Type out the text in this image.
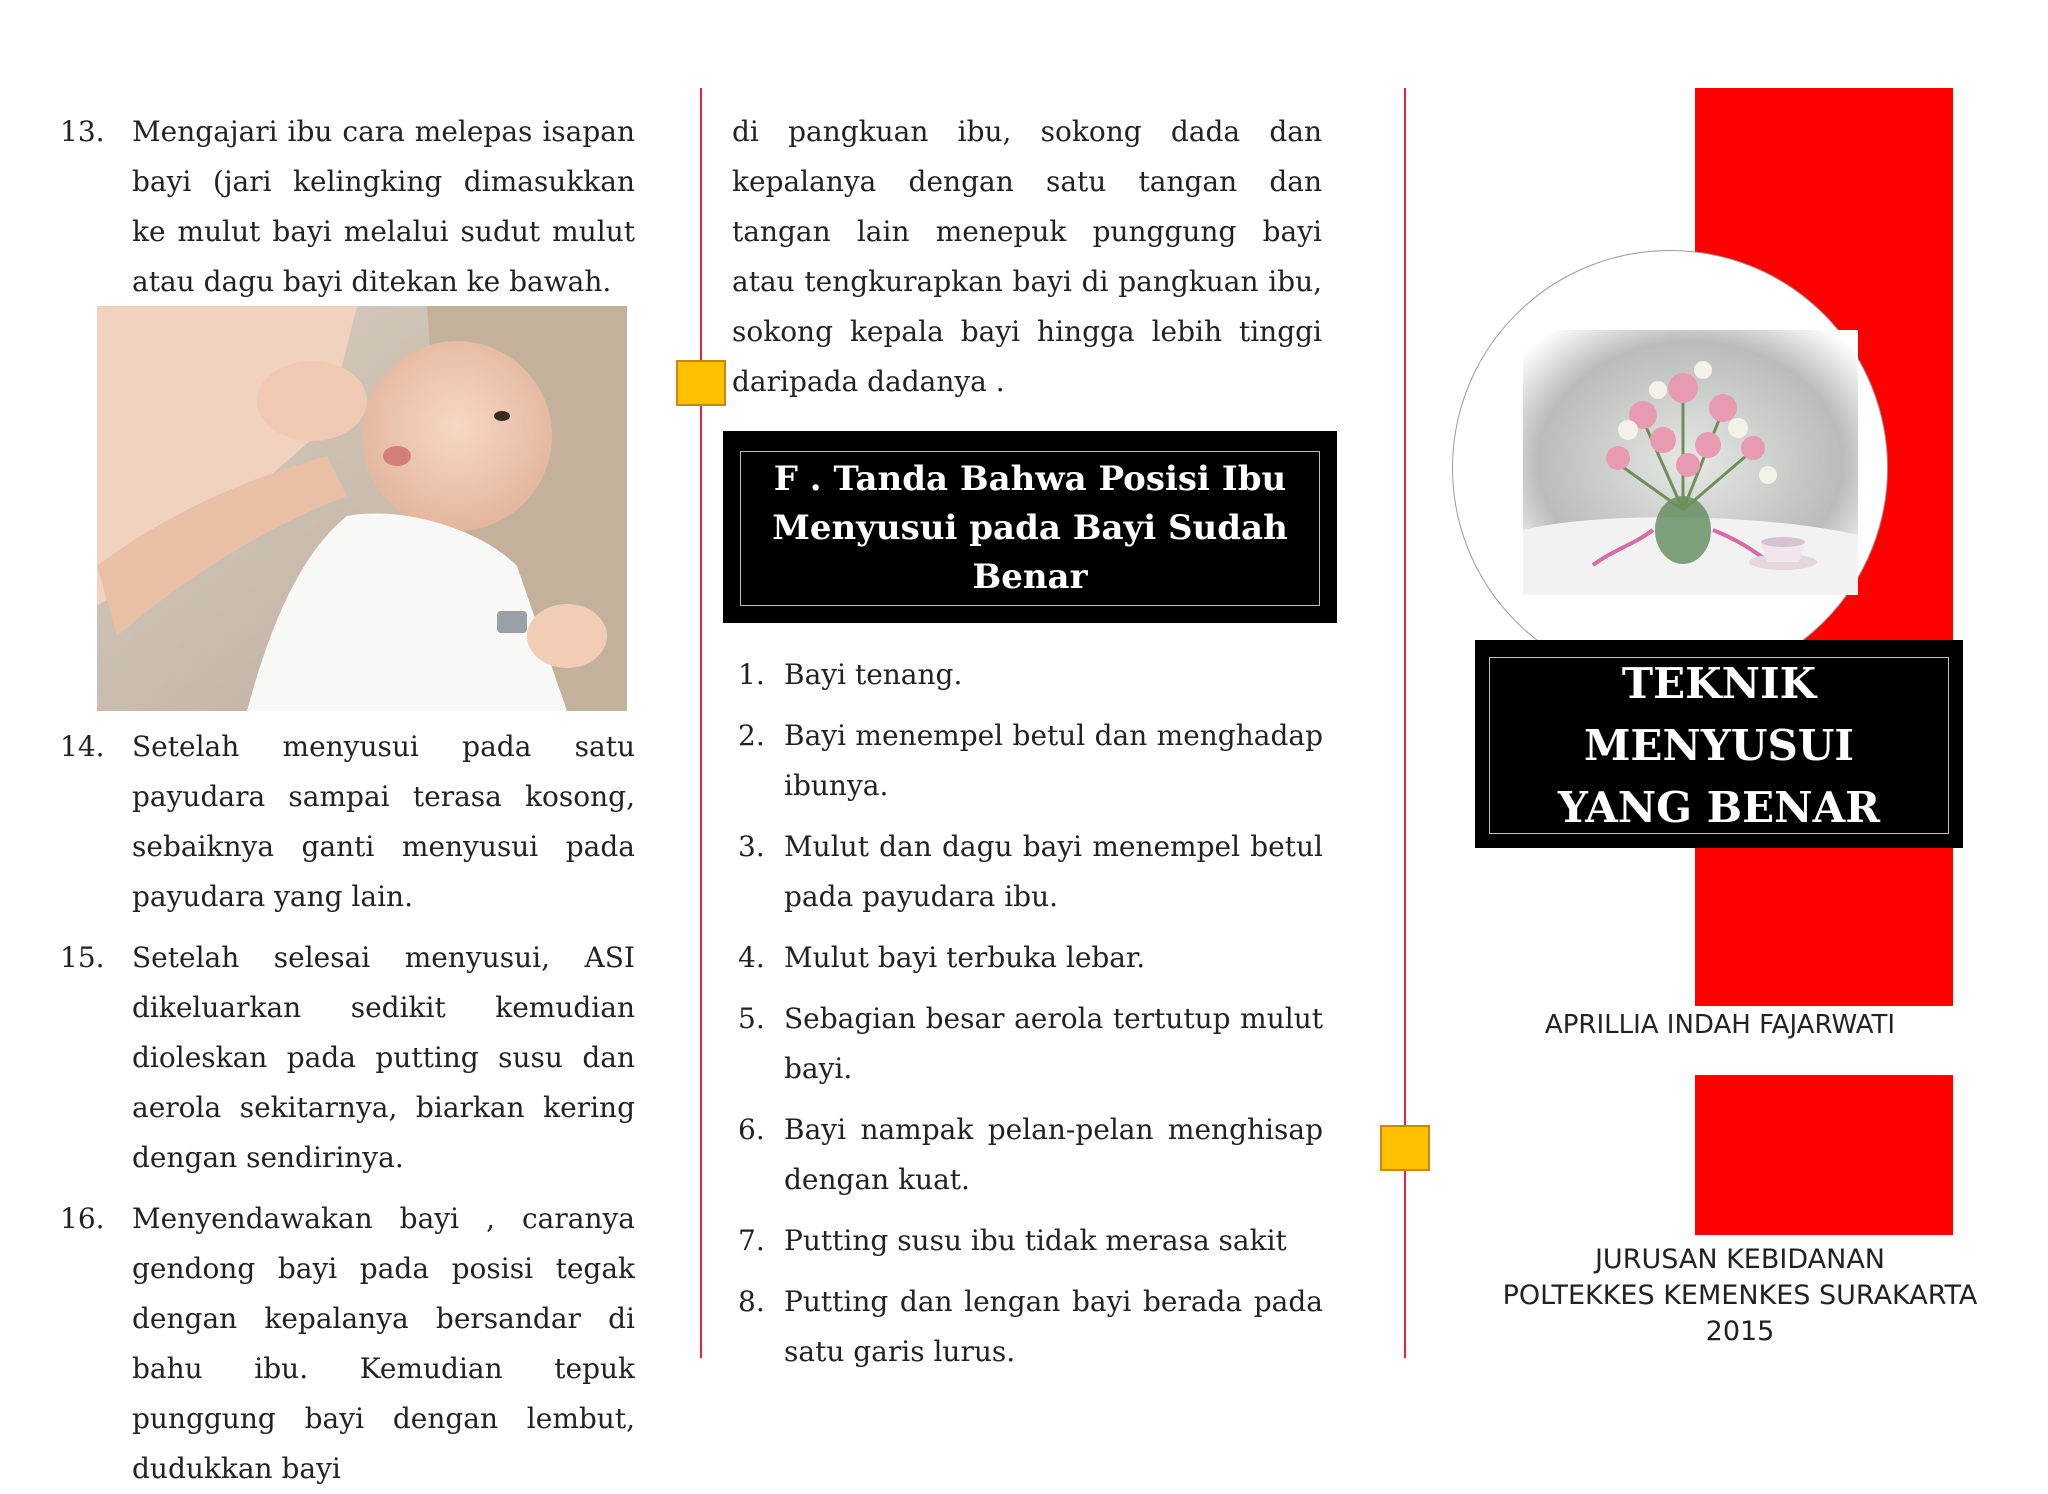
13. Mengajari ibu cara melepas isapan bayi (jari kelingking dimasukkan ke mulut bayi melalui sudut mulut atau dagu bayi ditekan ke bawah.
14. Setelah menyusui pada satu payudara sampai terasa kosong, sebaiknya ganti menyusui pada payudara yang lain.
15. Setelah selesai menyusui, ASI dikeluarkan sedikit kemudian dioleskan pada putting susu dan aerola sekitarnya, biarkan kering dengan sendirinya.
16. Menyendawakan bayi , caranya gendong bayi pada posisi tegak dengan kepalanya bersandar di bahu ibu. Kemudian tepuk punggung bayi dengan lembut, dudukkan bayi
di pangkuan ibu, sokong dada dan kepalanya dengan satu tangan dan tangan lain menepuk punggung bayi atau tengkurapkan bayi di pangkuan ibu, sokong kepala bayi hingga lebih tinggi daripada dadanya .
F . Tanda Bahwa Posisi Ibu Menyusui pada Bayi Sudah Benar
1. Bayi tenang.
2. Bayi menempel betul dan menghadap ibunya.
3. Mulut dan dagu bayi menempel betul pada payudara ibu.
4. Mulut bayi terbuka lebar.
5. Sebagian besar aerola tertutup mulut bayi.
6. Bayi nampak pelan-pelan menghisap dengan kuat.
7. Putting susu ibu tidak merasa sakit
8. Putting dan lengan bayi berada pada satu garis lurus.
TEKNIK MENYUSUI
YANG BENAR
APRILLIA INDAH FAJARWATI
JURUSAN KEBIDANAN
POLTEKKES KEMENKES SURAKARTA
2015
